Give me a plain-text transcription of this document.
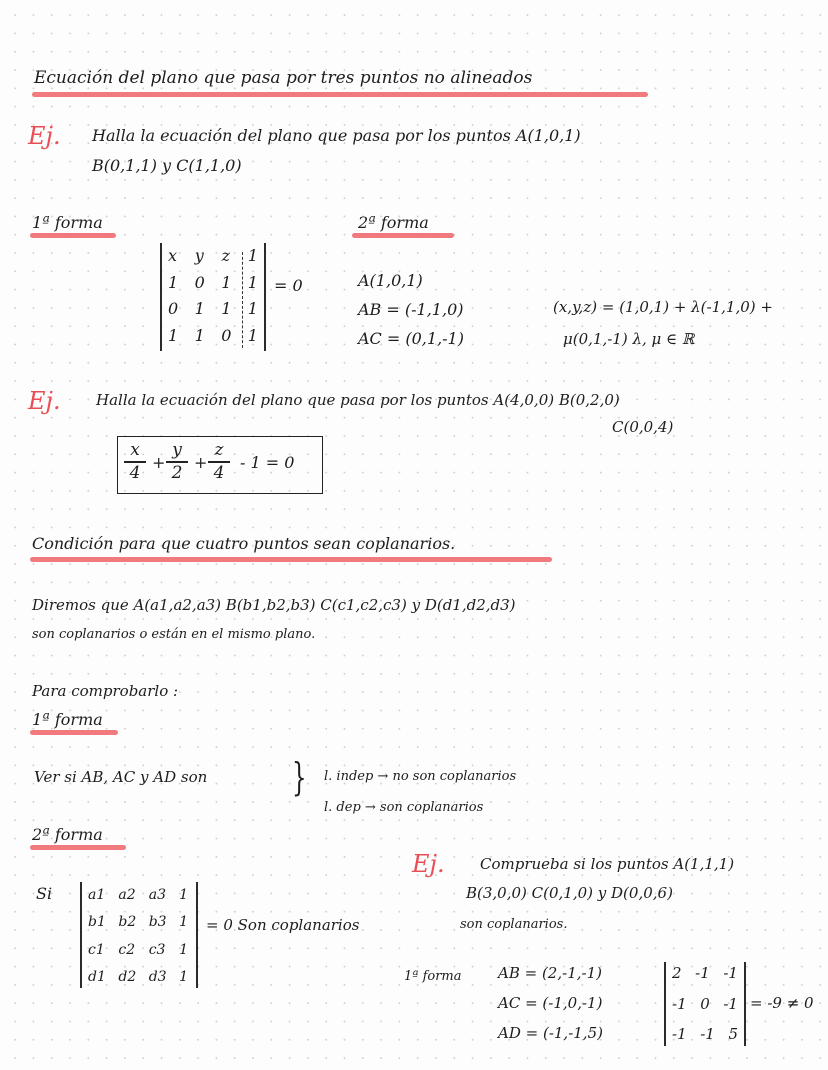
Ecuación del plano que pasa por tres puntos no alineados
Ej. Halla la ecuación del plano que pasa por los puntos A(1,0,1)
B(0,1,1) y C(1,1,0)
1ª forma
x y z 1
1 0 1 1
0 1 1 1
1 1 0 1
= 0
2ª forma
A(1,0,1)
AB = (-1,1,0)
AC = (0,1,-1)
(x,y,z) = (1,0,1) + λ(-1,1,0) +
μ(0,1,-1) λ, μ ∈ ℝ
Ej. Halla la ecuación del plano que pasa por los puntos A(4,0,0) B(0,2,0)
C(0,0,4)
x
4
+
y
2
+
z
4
- 1 = 0
Condición para que cuatro puntos sean coplanarios.
Diremos que A(a1,a2,a3) B(b1,b2,b3) C(c1,c2,c3) y D(d1,d2,d3)
son coplanarios o están en el mismo plano.
Para comprobarlo :
1ª forma
Ver si AB, AC y AD son } l. indep → no son coplanarios
l. dep → son coplanarios
2ª forma
Si	a1 a2 a3 1
b1 b2 b3 1
c1 c2 c3 1
d1 d2 d3 1
= 0 Son coplanarios
Ej. Comprueba si los puntos A(1,1,1)
B(3,0,0) C(0,1,0) y D(0,0,6)
son coplanarios.
1ª forma AB = (2,-1,-1)
AC = (-1,0,-1)
AD = (-1,-1,5)
2 -1 -1
-1 0 -1
-1 -1 5
= -9 ≠ 0
